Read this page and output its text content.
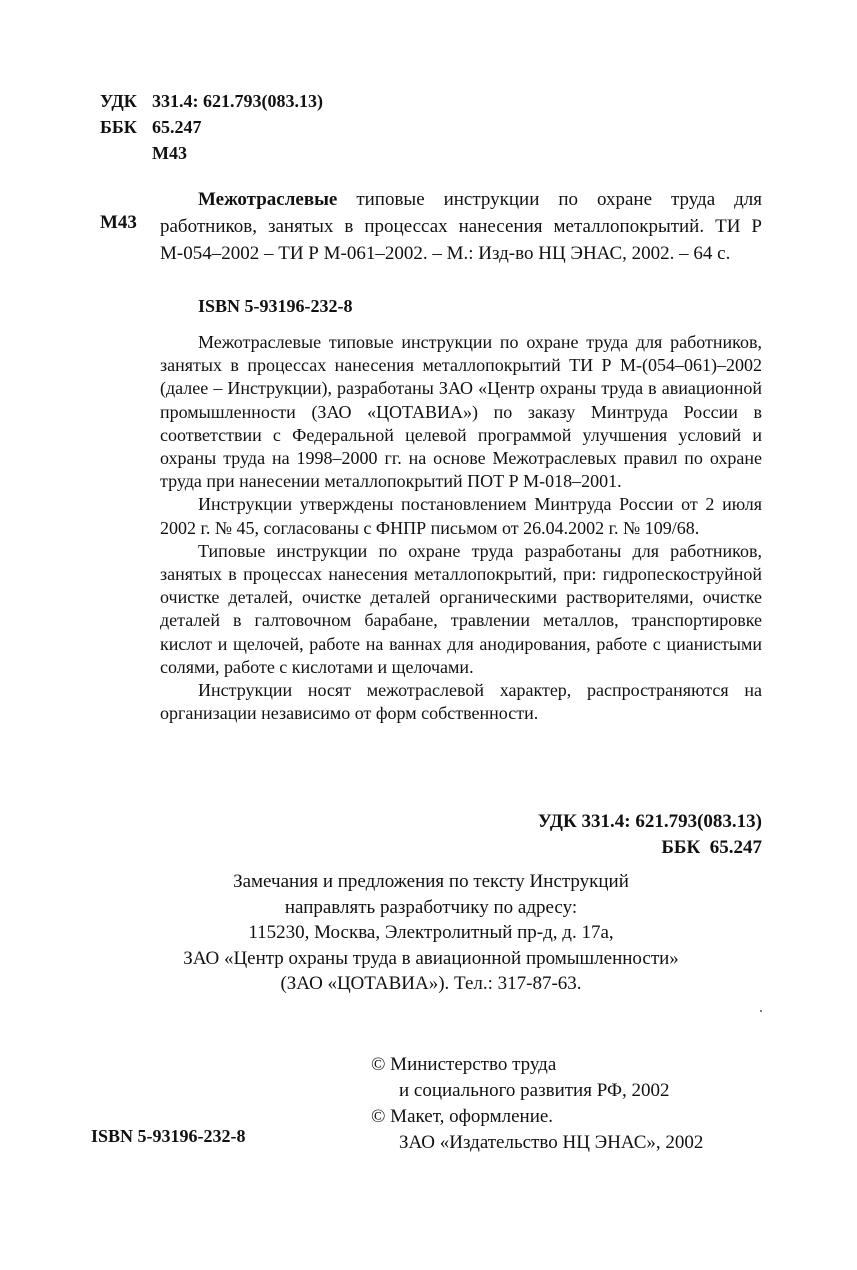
УДК 331.4: 621.793(083.13)
ББК 65.247
М43
М43

Межотраслевые типовые инструкции по охране труда для работников, занятых в процессах нанесения металлопокрытий. ТИ Р М-054–2002 – ТИ Р М-061–2002. – М.: Изд-во НЦ ЭНАС, 2002. – 64 с.

ISBN 5-93196-232-8

Межотраслевые типовые инструкции по охране труда для работников, занятых в процессах нанесения металлопокрытий ТИ Р М-(054–061)–2002 (далее – Инструкции), разработаны ЗАО «Центр охраны труда в авиационной промышленности (ЗАО «ЦОТАВИА») по заказу Минтруда России в соответствии с Федеральной целевой программой улучшения условий и охраны труда на 1998–2000 гг. на основе Межотраслевых правил по охране труда при нанесении металлопокрытий ПОТ Р М-018–2001.

Инструкции утверждены постановлением Минтруда России от 2 июля 2002 г. № 45, согласованы с ФНПР письмом от 26.04.2002 г. № 109/68.

Типовые инструкции по охране труда разработаны для работников, занятых в процессах нанесения металлопокрытий, при: гидропескоструйной очистке деталей, очистке деталей органическими растворителями, очистке деталей в галтовочном барабане, травлении металлов, транспортировке кислот и щелочей, работе на ваннах для анодирования, работе с цианистыми солями, работе с кислотами и щелочами.

Инструкции носят межотраслевой характер, распространяются на организации независимо от форм собственности.

УДК 331.4: 621.793(083.13)
ББК  65.247
Замечания и предложения по тексту Инструкций
направлять разработчику по адресу:
115230, Москва, Электролитный пр-д, д. 17а,
ЗАО «Центр охраны труда в авиационной промышленности»
(ЗАО «ЦОТАВИА»). Тел.: 317-87-63.
© Министерство труда
и социального развития РФ, 2002
© Макет, оформление.
ЗАО «Издательство НЦ ЭНАС», 2002
ISBN 5-93196-232-8
